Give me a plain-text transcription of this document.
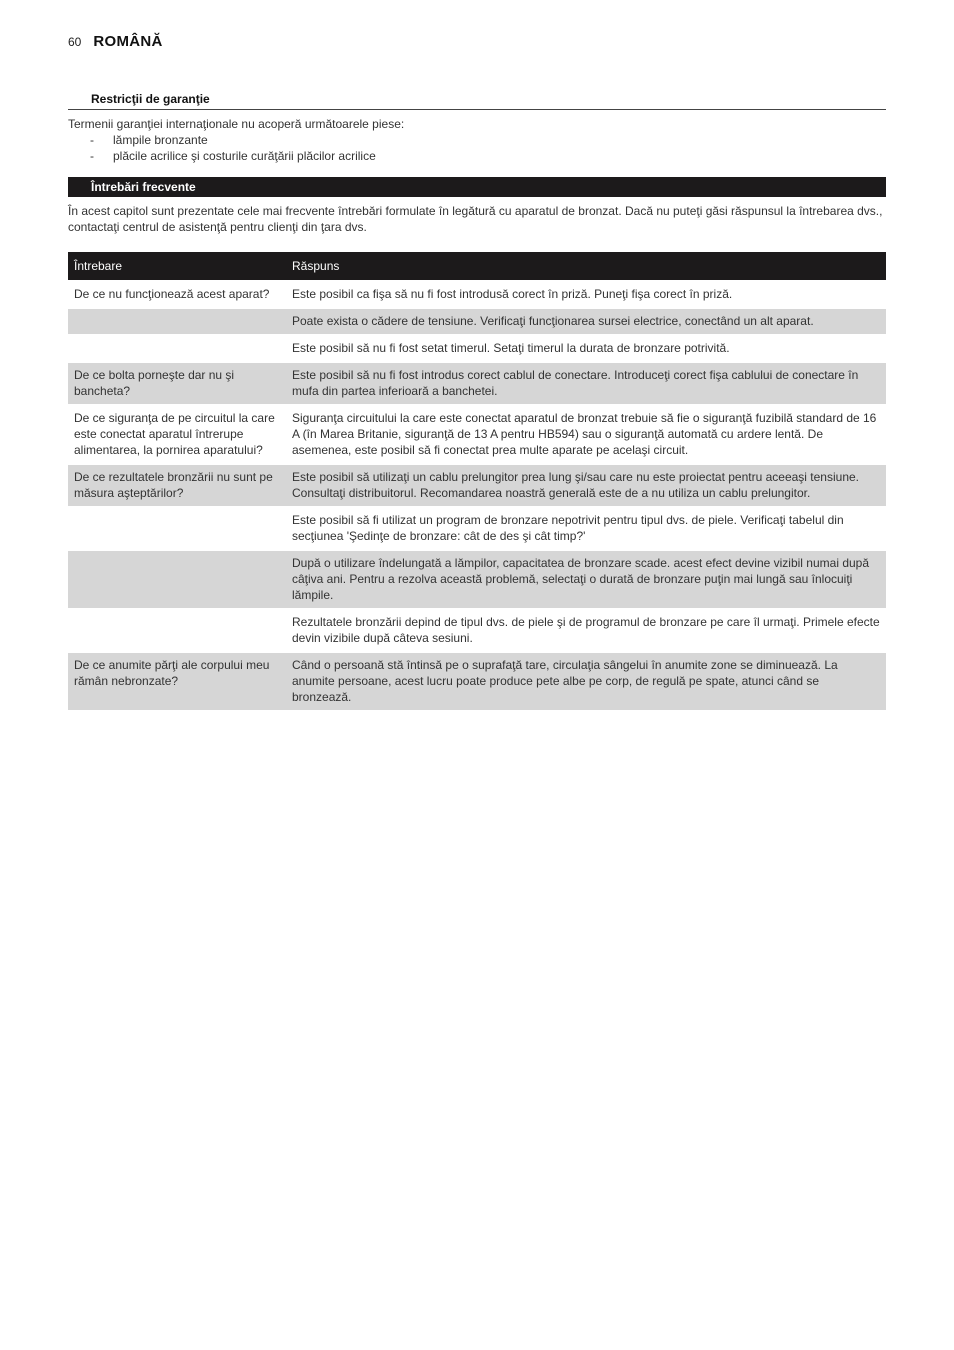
60 ROMÂNĂ
Restricţii de garanţie
Termenii garanţiei internaţionale nu acoperă următoarele piese:
- lămpile bronzante
- plăcile acrilice şi costurile curăţării plăcilor acrilice
Întrebări frecvente
În acest capitol sunt prezentate cele mai frecvente întrebări formulate în legătură cu aparatul de bronzat. Dacă nu puteţi găsi răspunsul la întrebarea dvs., contactaţi centrul de asistenţă pentru clienţi din ţara dvs.
Întrebare	Răspuns
De ce nu funcţionează acest aparat?	Este posibil ca fişa să nu fi fost introdusă corect în priză. Puneţi fişa corect în priză.
	Poate exista o cădere de tensiune. Verificaţi funcţionarea sursei electrice, conectând un alt aparat.
	Este posibil să nu fi fost setat timerul. Setaţi timerul la durata de bronzare potrivită.
De ce bolta porneşte dar nu şi bancheta?	Este posibil să nu fi fost introdus corect cablul de conectare. Introduceţi corect fişa cablului de conectare în mufa din partea inferioară a banchetei.
De ce siguranţa de pe circuitul la care este conectat aparatul întrerupe alimentarea, la pornirea aparatului?	Siguranţa circuitului la care este conectat aparatul de bronzat trebuie să fie o siguranţă fuzibilă standard de 16 A (în Marea Britanie, siguranţă de 13 A pentru HB594) sau o siguranţă automată cu ardere lentă. De asemenea, este posibil să fi conectat prea multe aparate pe acelaşi circuit.
De ce rezultatele bronzării nu sunt pe măsura aşteptărilor?	Este posibil să utilizaţi un cablu prelungitor prea lung şi/sau care nu este proiectat pentru aceeaşi tensiune. Consultaţi distribuitorul. Recomandarea noastră generală este de a nu utiliza un cablu prelungitor.
	Este posibil să fi utilizat un program de bronzare nepotrivit pentru tipul dvs. de piele. Verificaţi tabelul din secţiunea 'Şedinţe de bronzare: cât de des şi cât timp?'
	După o utilizare îndelungată a lămpilor, capacitatea de bronzare scade. acest efect devine vizibil numai după câţiva ani. Pentru a rezolva această problemă, selectaţi o durată de bronzare puţin mai lungă sau înlocuiţi lămpile.
	Rezultatele bronzării depind de tipul dvs. de piele şi de programul de bronzare pe care îl urmaţi. Primele efecte devin vizibile după câteva sesiuni.
De ce anumite părţi ale corpului meu rămân nebronzate?	Când o persoană stă întinsă pe o suprafaţă tare, circulaţia sângelui în anumite zone se diminuează. La anumite persoane, acest lucru poate produce pete albe pe corp, de regulă pe spate, atunci când se bronzează.
